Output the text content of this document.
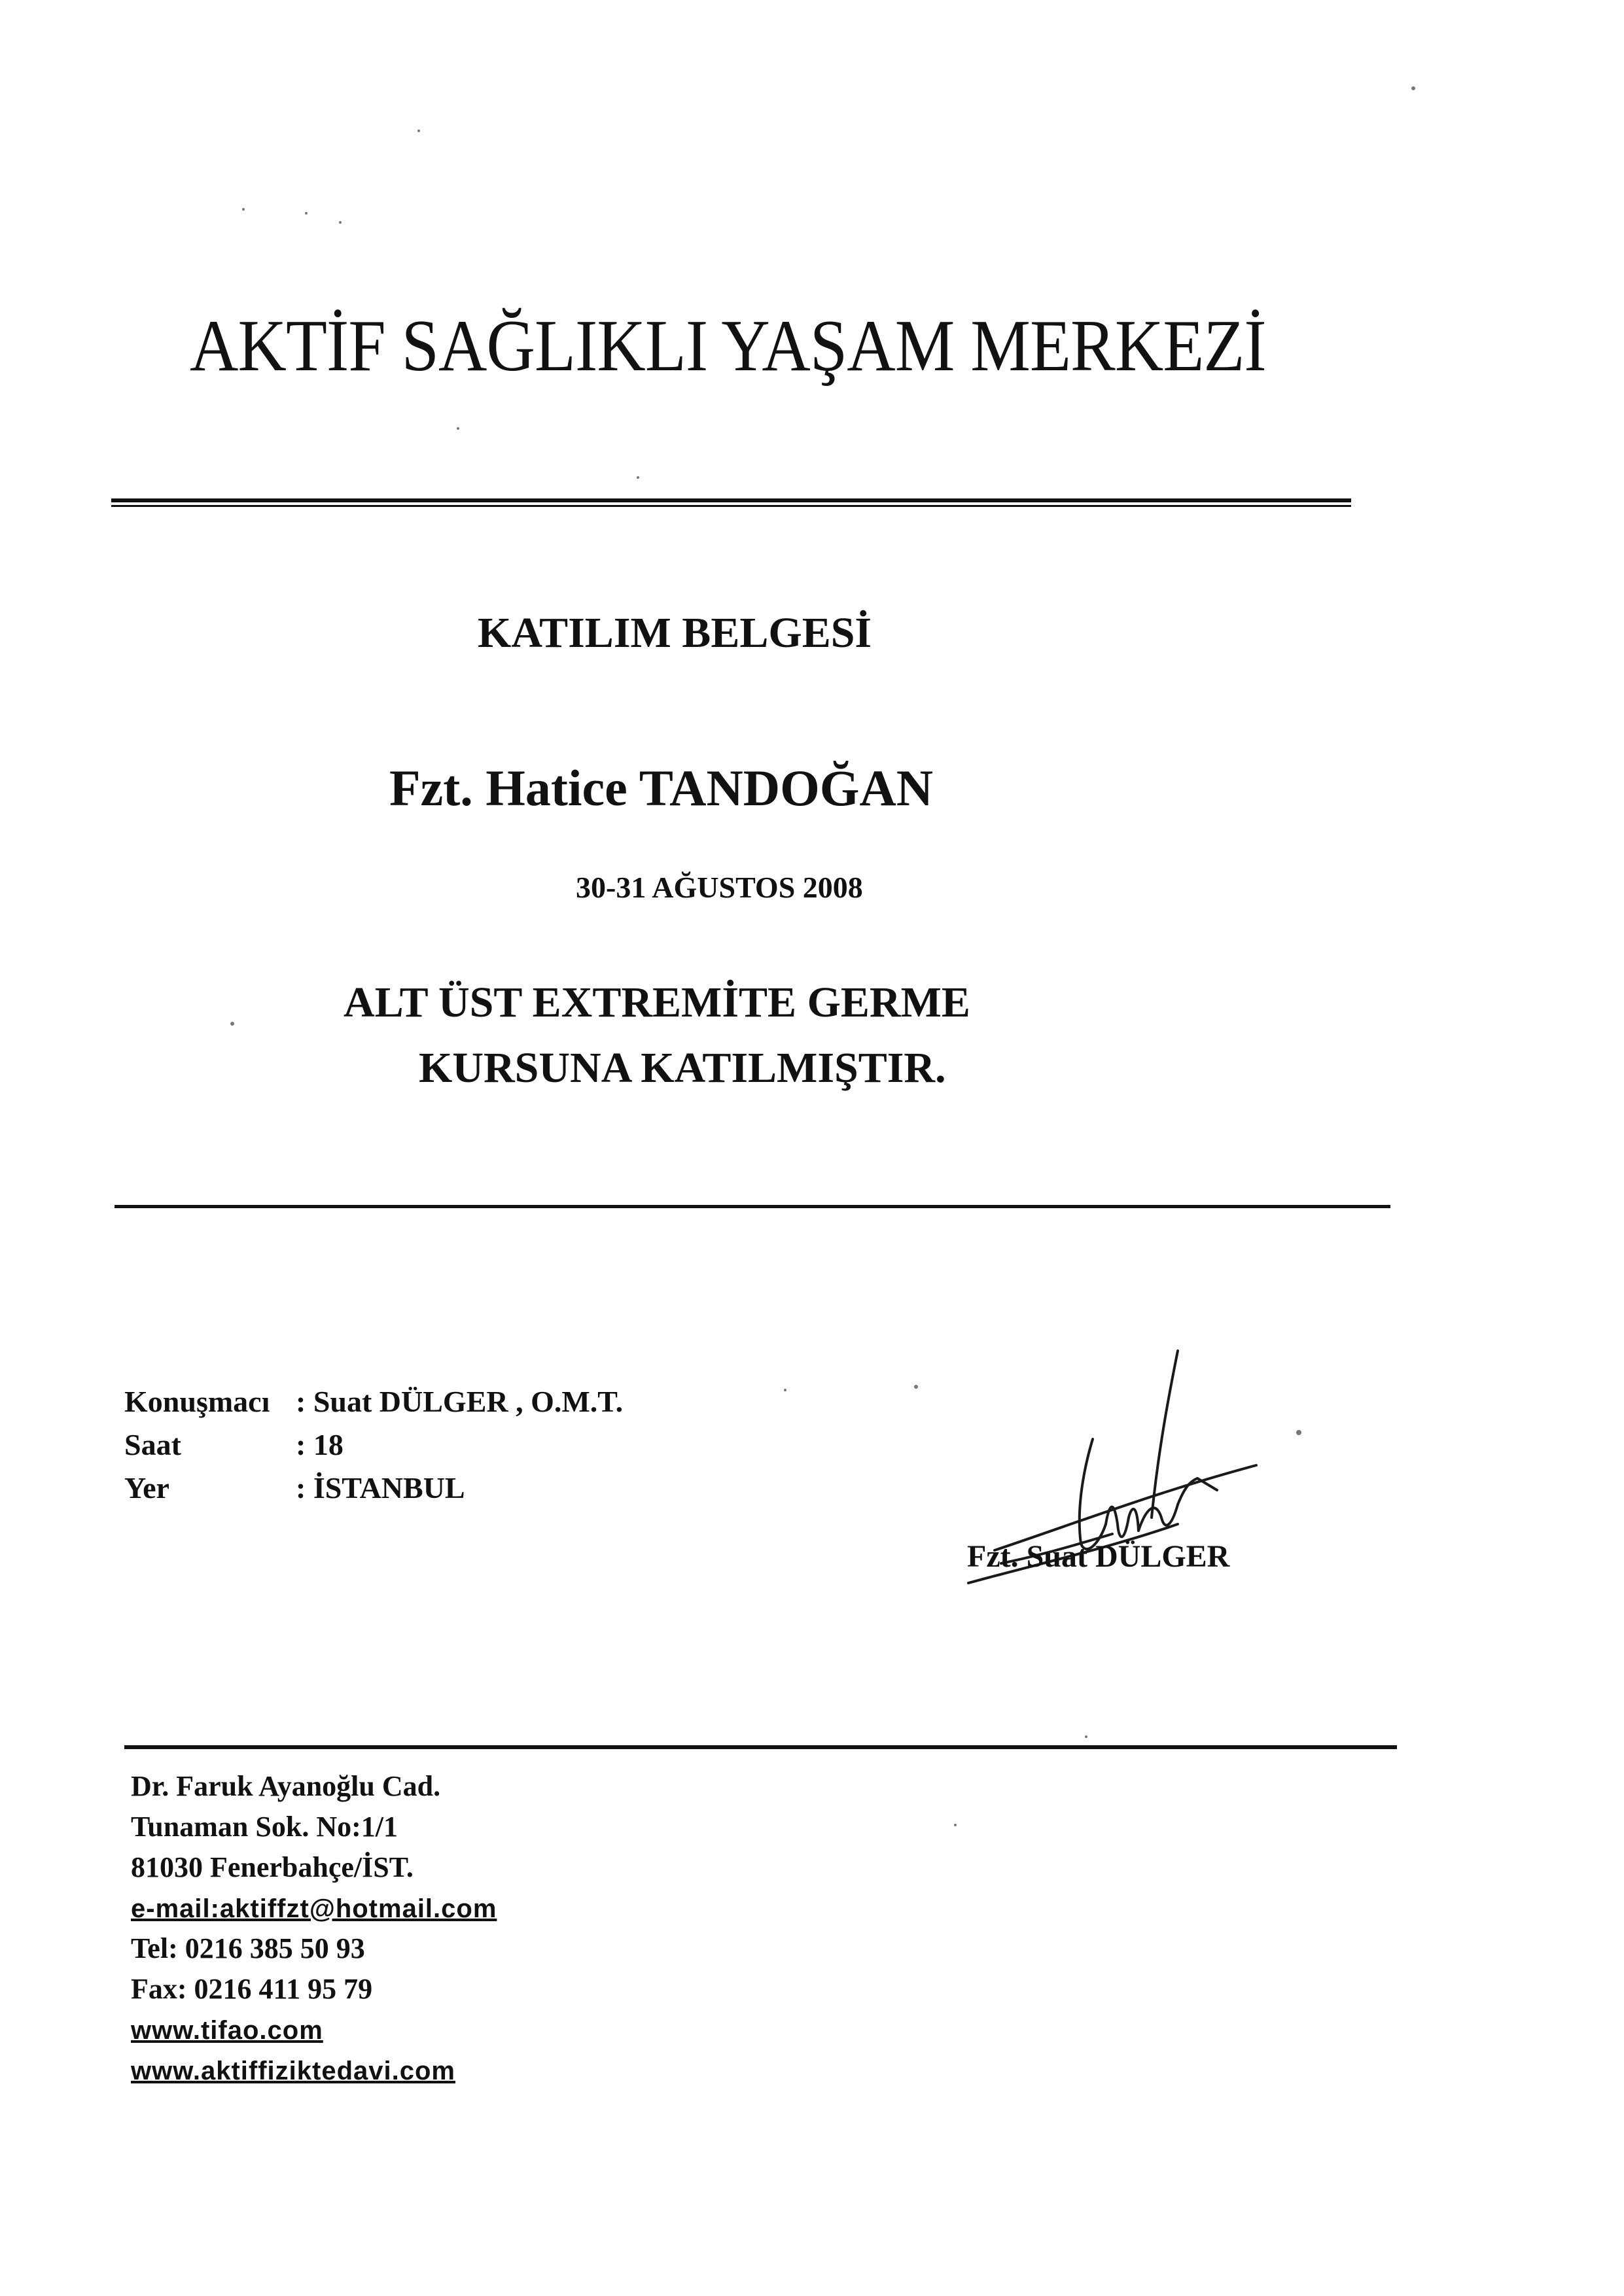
AKTİF SAĞLIKLI YAŞAM MERKEZİ
KATILIM BELGESİ
Fzt. Hatice TANDOĞAN
30-31 AĞUSTOS 2008
ALT ÜST EXTREMİTE GERME
KURSUNA KATILMIŞTIR.
Konuşmacı : Suat DÜLGER , O.M.T.
Saat	: 18
Yer	: İSTANBUL
Fzt. Suat DÜLGER
Dr. Faruk Ayanoğlu Cad.
Tunaman Sok. No:1/1
81030 Fenerbahçe/İST.
e-mail:aktiffzt@hotmail.com
Tel: 0216 385 50 93
Fax: 0216 411 95 79
www.tifao.com
www.aktiffiziktedavi.com
